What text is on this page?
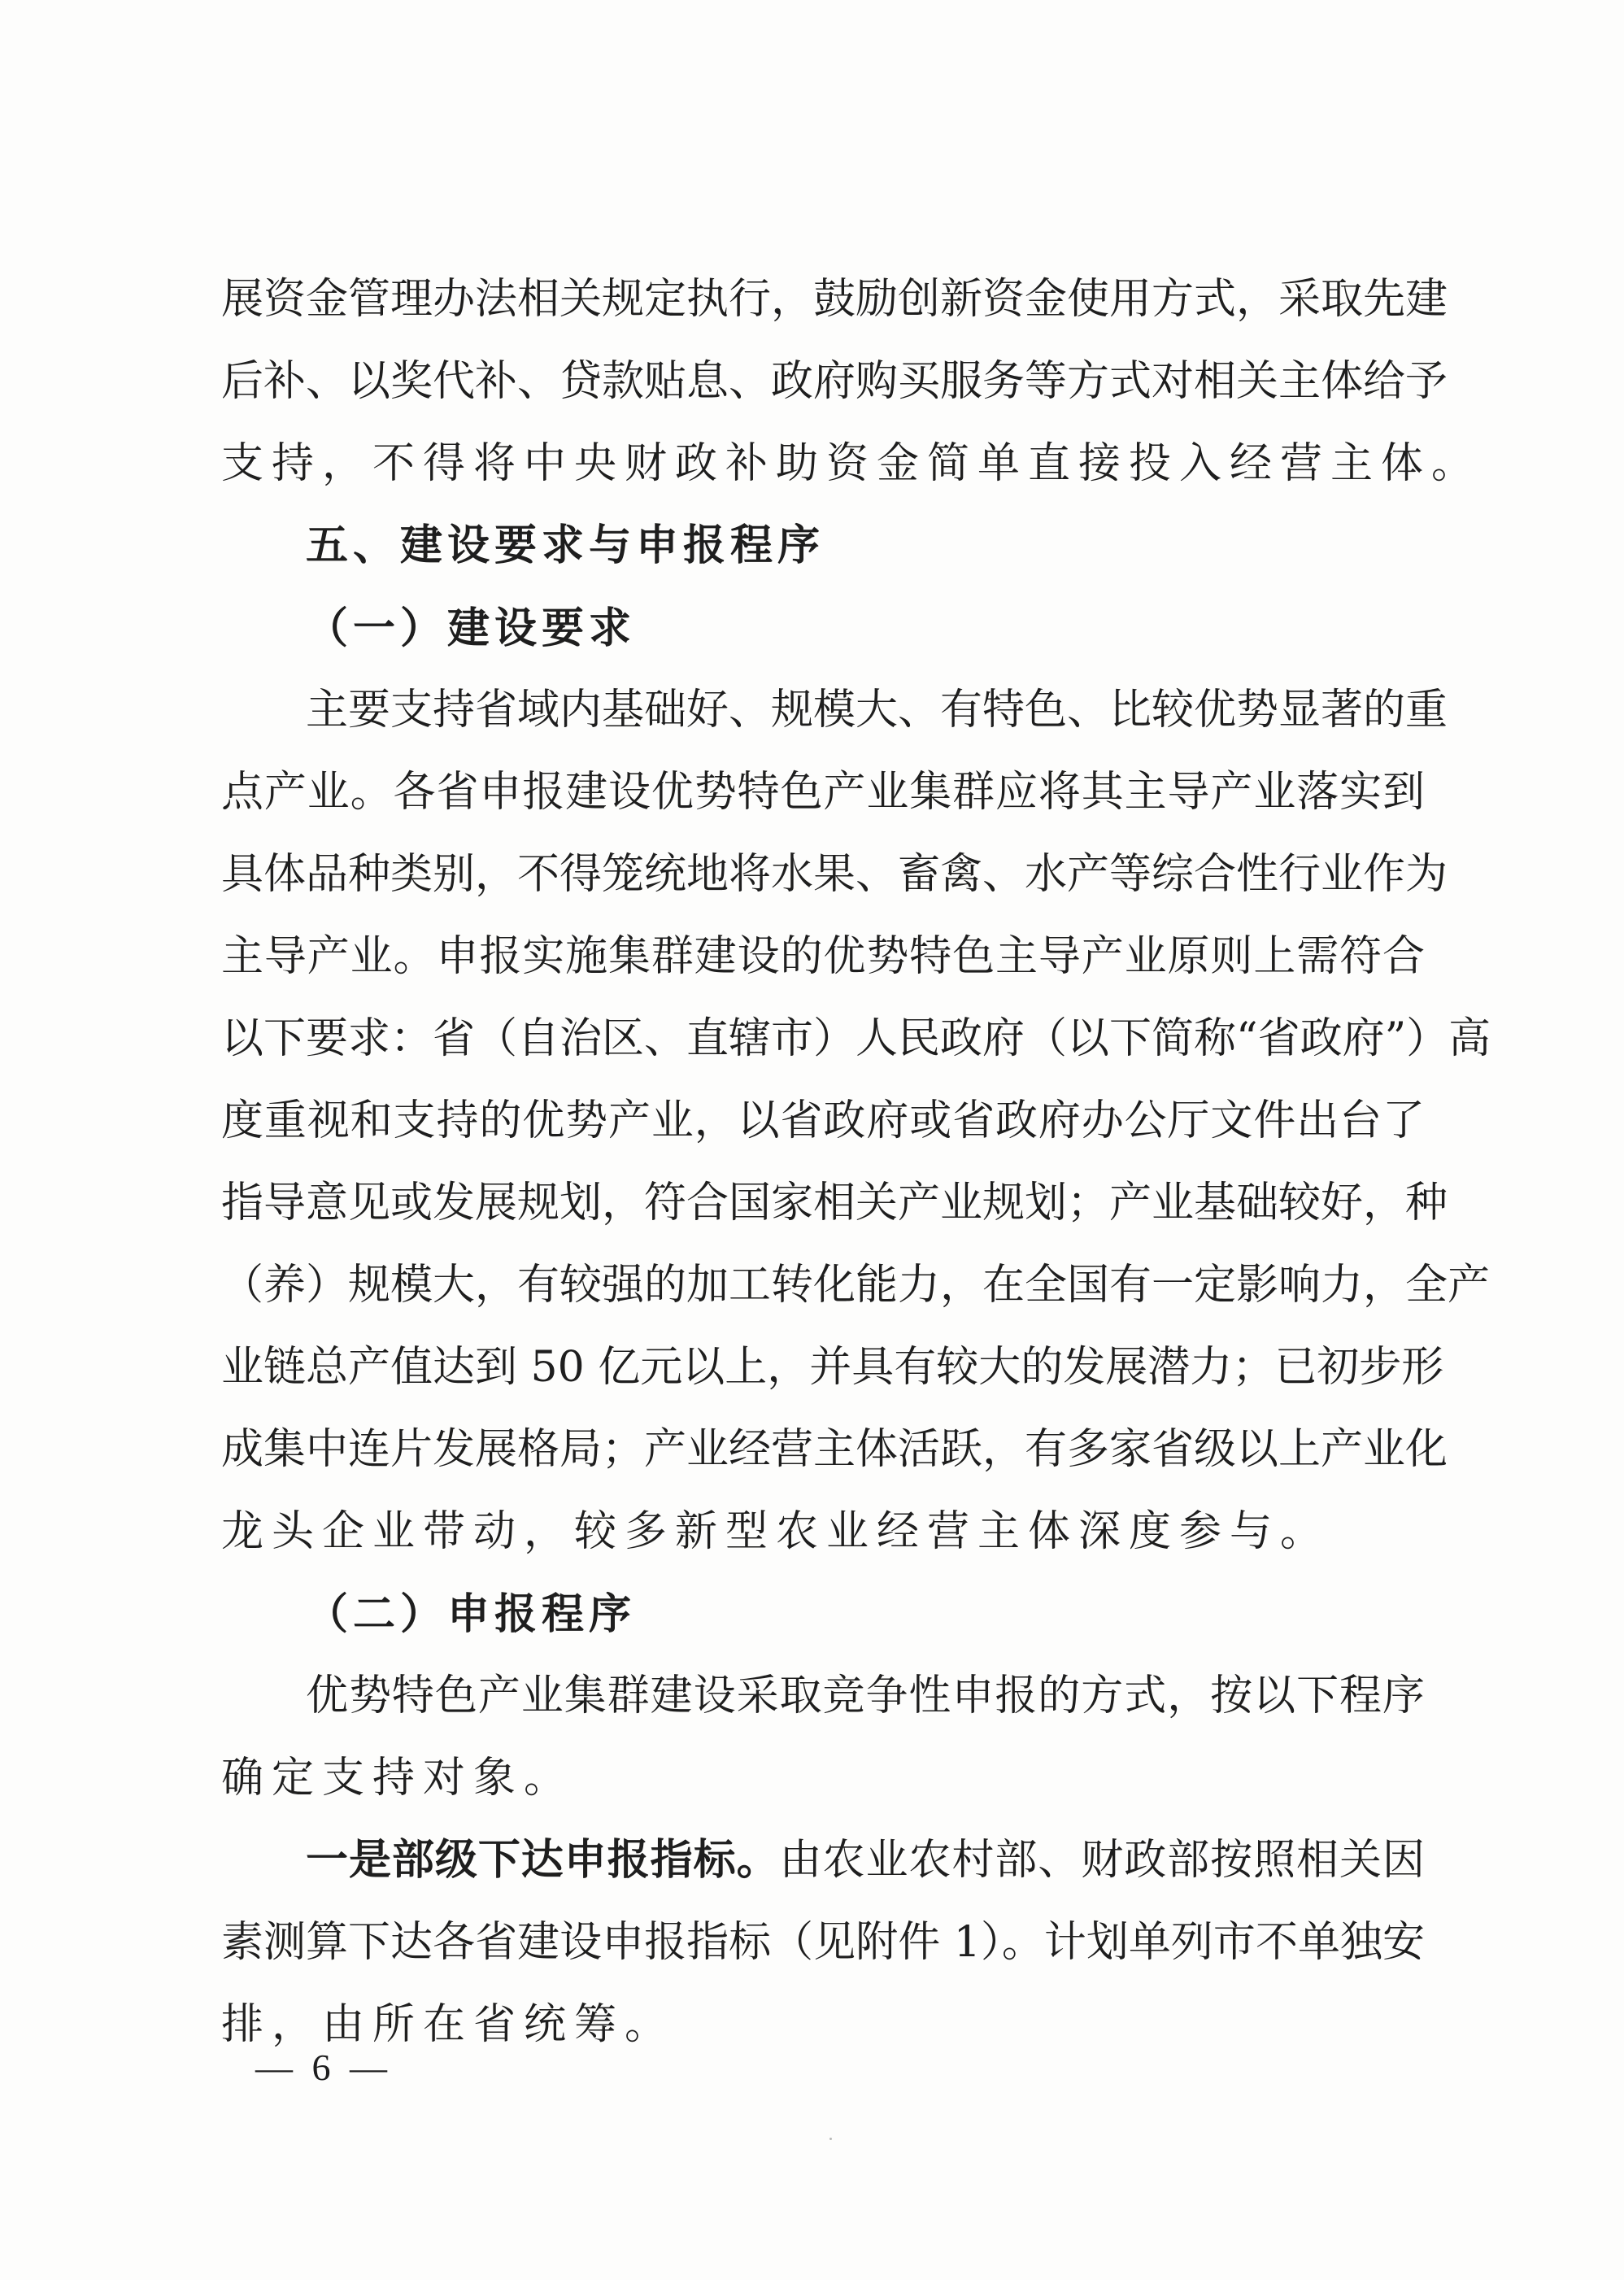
展资金管理办法相关规定执行，鼓励创新资金使用方式，采取先建
后补、以奖代补、贷款贴息、政府购买服务等方式对相关主体给予
支持，不得将中央财政补助资金简单直接投入经营主体。
五、建设要求与申报程序
（一）建设要求
主要支持省域内基础好、规模大、有特色、比较优势显著的重
点产业。各省申报建设优势特色产业集群应将其主导产业落实到
具体品种类别，不得笼统地将水果、畜禽、水产等综合性行业作为
主导产业。申报实施集群建设的优势特色主导产业原则上需符合
以下要求：省（自治区、直辖市）人民政府（以下简称“省政府”）高
度重视和支持的优势产业，以省政府或省政府办公厅文件出台了
指导意见或发展规划，符合国家相关产业规划；产业基础较好，种
（养）规模大，有较强的加工转化能力，在全国有一定影响力，全产
业链总产值达到 50 亿元以上，并具有较大的发展潜力；已初步形
成集中连片发展格局；产业经营主体活跃，有多家省级以上产业化
龙头企业带动，较多新型农业经营主体深度参与。
（二）申报程序
优势特色产业集群建设采取竞争性申报的方式，按以下程序
确定支持对象。
一是部级下达申报指标。由农业农村部、财政部按照相关因
素测算下达各省建设申报指标（见附件 1）。计划单列市不单独安
排，由所在省统筹。
— 6 —
